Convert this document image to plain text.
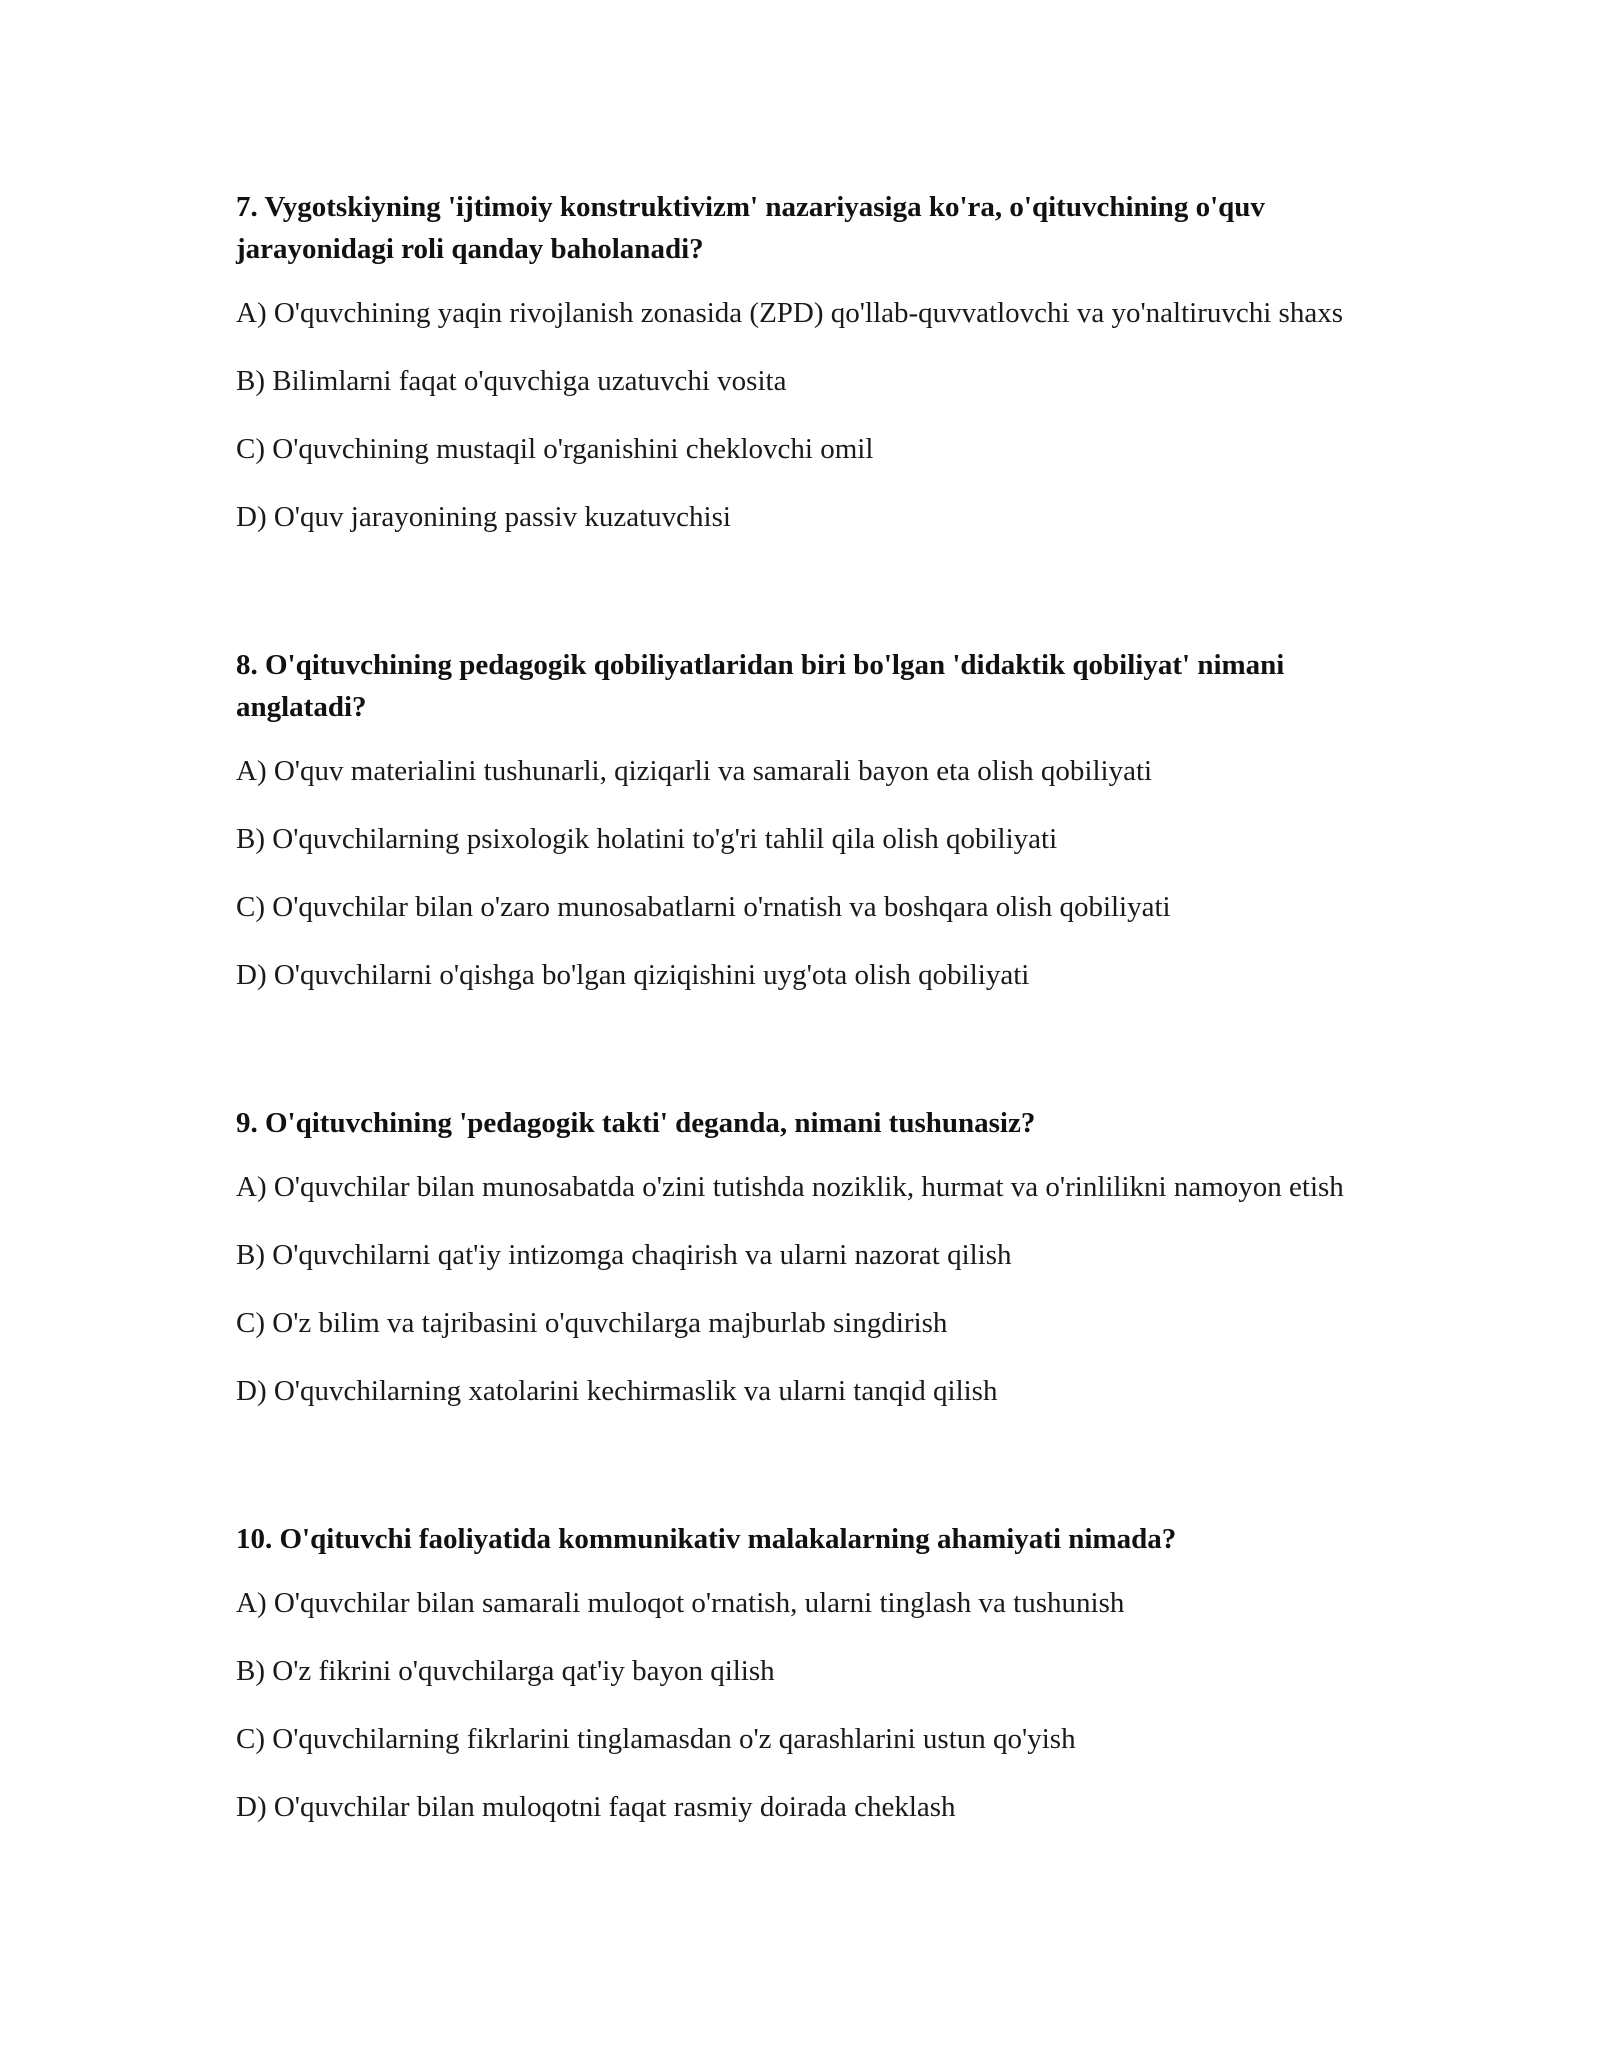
7. Vygotskiyning 'ijtimoiy konstruktivizm' nazariyasiga ko'ra, o'qituvchining o'quv jarayonidagi roli qanday baholanadi?

A) O'quvchining yaqin rivojlanish zonasida (ZPD) qo'llab-quvvatlovchi va yo'naltiruvchi shaxs

B) Bilimlarni faqat o'quvchiga uzatuvchi vosita

C) O'quvchining mustaqil o'rganishini cheklovchi omil

D) O'quv jarayonining passiv kuzatuvchisi

8. O'qituvchining pedagogik qobiliyatlaridan biri bo'lgan 'didaktik qobiliyat' nimani anglatadi?

A) O'quv materialini tushunarli, qiziqarli va samarali bayon eta olish qobiliyati

B) O'quvchilarning psixologik holatini to'g'ri tahlil qila olish qobiliyati

C) O'quvchilar bilan o'zaro munosabatlarni o'rnatish va boshqara olish qobiliyati

D) O'quvchilarni o'qishga bo'lgan qiziqishini uyg'ota olish qobiliyati

9. O'qituvchining 'pedagogik takti' deganda, nimani tushunasiz?

A) O'quvchilar bilan munosabatda o'zini tutishda noziklik, hurmat va o'rinlilikni namoyon etish

B) O'quvchilarni qat'iy intizomga chaqirish va ularni nazorat qilish

C) O'z bilim va tajribasini o'quvchilarga majburlab singdirish

D) O'quvchilarning xatolarini kechirmaslik va ularni tanqid qilish

10. O'qituvchi faoliyatida kommunikativ malakalarning ahamiyati nimada?

A) O'quvchilar bilan samarali muloqot o'rnatish, ularni tinglash va tushunish

B) O'z fikrini o'quvchilarga qat'iy bayon qilish

C) O'quvchilarning fikrlarini tinglamasdan o'z qarashlarini ustun qo'yish

D) O'quvchilar bilan muloqotni faqat rasmiy doirada cheklash
